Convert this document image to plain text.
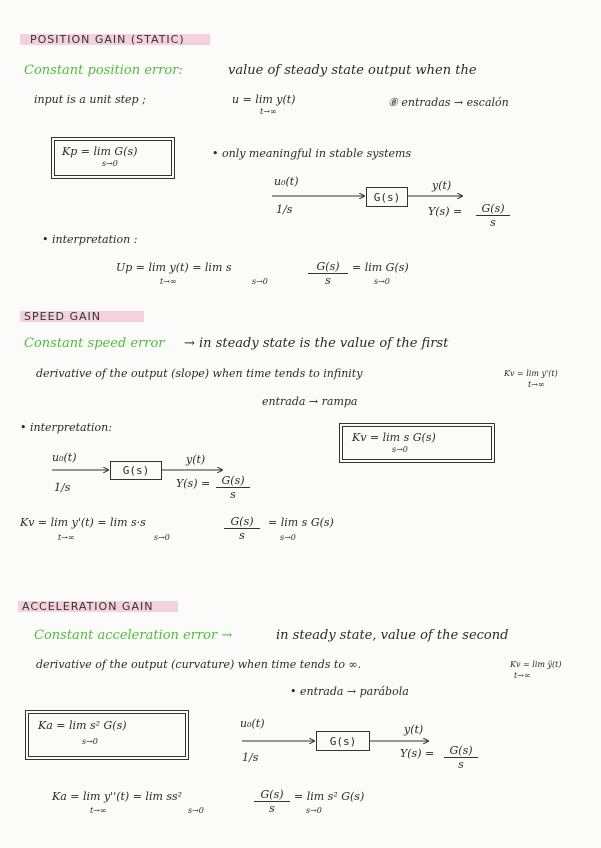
POSITION GAIN (STATIC)
Constant position error:	value of steady state output when the
input is a unit step ;	u = lim y(t)
t→∞
⑧ entradas → escalón
Kp = lim G(s)
s→0
• only meaningful in stable systems
u₀(t)
1/s
G(s)
y(t)
$Y(s) = \frac{G(s)}{s}$
• interpretation :
Up = lim y(t) = lim s
t→∞	s→0	$\frac{G(s)}{s} = \lim G(s)$
s→0
SPEED GAIN
Constant speed error → in steady state is the value of the first
derivative of the output (slope) when time tends to infinity	Kv = lim y'(t)
t→∞
entrada → rampa
• interpretation:
Kv = lim s G(s)
s→0
u₀(t)
1/s
G(s)
y(t)
$Y(s) = \frac{G(s)}{s}$
Kv = lim y'(t) = lim s·s
t→∞	s→0	$\frac{G(s)}{s} = \lim s$ G(s)
s→0
ACCELERATION GAIN
Constant acceleration error →	in steady state, value of the second
derivative of the output (curvature) when time tends to ∞.	Kv = lim ÿ(t)
t→∞
• entrada → parábola
Ka = lim s² G(s)
s→0
u₀(t)
1/s
G(s)
y(t)
$Y(s) = \frac{G(s)}{s}$
Ka = lim y''(t) = lim ss²
t→∞	s→0	$\frac{G(s)}{s} = \lim s^2$ G(s)
s→0
